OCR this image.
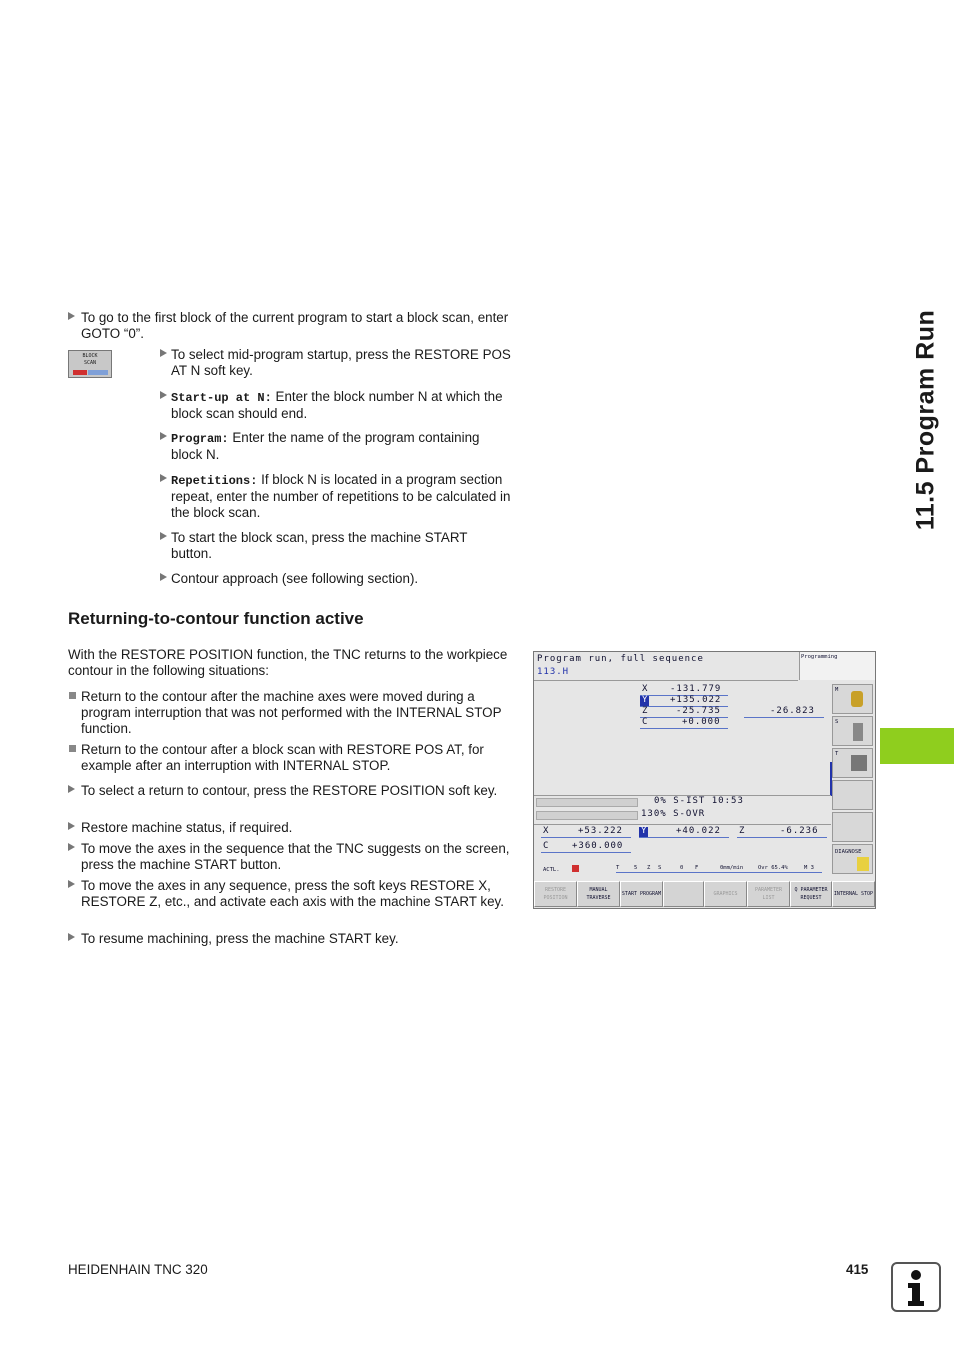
11.5 Program Run
To go to the first block of the current program to start a block scan, enter GOTO “0”.
BLOCK
SCAN
To select mid-program startup, press the RESTORE POS AT N soft key.
Start-up at N: Enter the block number N at which the block scan should end.
Program: Enter the name of the program containing block N.
Repetitions: If block N is located in a program section repeat, enter the number of repetitions to be calculated in the block scan.
To start the block scan, press the machine START button.
Contour approach (see following section).
Returning-to-contour function active
With the RESTORE POSITION function, the TNC returns to the workpiece contour in the following situations:
Return to the contour after the machine axes were moved during a program interruption that was not performed with the INTERNAL STOP function.
Return to the contour after a block scan with RESTORE POS AT, for example after an interruption with INTERNAL STOP.
To select a return to contour, press the RESTORE POSITION soft key.
Restore machine status, if required.
To move the axes in the sequence that the TNC suggests on the screen, press the machine START button.
To move the axes in any sequence, press the soft keys RESTORE X, RESTORE Z, etc., and activate each axis with the machine START key.
To resume machining, press the machine START key.
Program run, full sequence	Programming
113.H
X -131.779
Y +135.022
Z	-25.735	-26.823
C	+0.000
0% S-IST 10:53
130% S-OVR
X	+53.222 Y	+40.022 Z	-6.236
C	+360.000
ACTL.	T	5 Z S	0 F	0mm/min	Ovr 65.4%	M 3
M
S
T
DIAGNOSE
RESTORE POSITION
MANUAL TRAVERSE
START PROGRAM	GRAPHICS
PARAMETER LIST
Q PARAMETER REQUEST
INTERNAL STOP
HEIDENHAIN TNC 320	415
